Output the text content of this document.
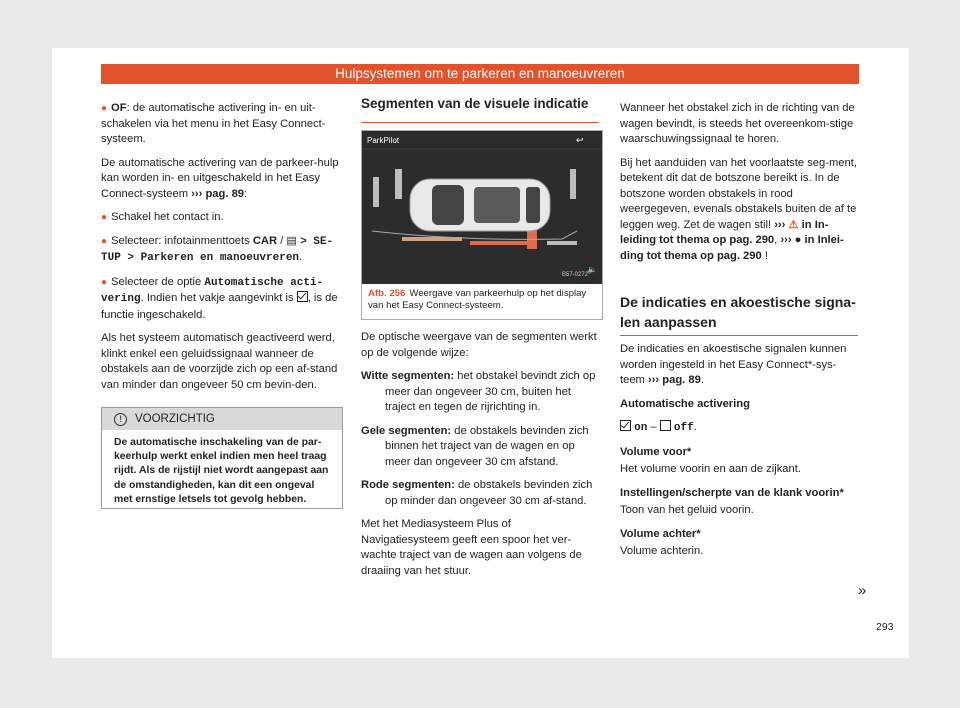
Hulpsystemen om te parkeren en manoeuvreren

● OF: de automatische activering in- en uit-schakelen via het menu in het Easy Connect-systeem.

De automatische activering van de parkeer-hulp kan worden in- en uitgeschakeld in het Easy Connect-systeem ››› pag. 89:

● Schakel het contact in.

● Selecteer: infotainmenttoets CAR / ▤ > SE-TUP > Parkeren en manoeuvreren.

● Selecteer de optie Automatische acti-vering. Indien het vakje aangevinkt is , is de functie ingeschakeld.

Als het systeem automatisch geactiveerd werd, klinkt enkel een geluidssignaal wanneer de obstakels aan de voorzijde zich op een af-stand van minder dan ongeveer 50 cm bevin-den.

! VOORZICHTIG
De automatische inschakeling van de par-keerhulp werkt enkel indien men heel traag rijdt. Als de rijstijl niet wordt aangepast aan de omstandigheden, kan dit een ongeval met ernstige letsels tot gevolg hebben.
Segmenten van de visuele indicatie
ParkPilot	↩
B57-0272
🔈
Afb. 256 Weergave van parkeerhulp op het display van het Easy Connect-systeem.

De optische weergave van de segmenten werkt op de volgende wijze:

Witte segmenten: het obstakel bevindt zich op meer dan ongeveer 30 cm, buiten het traject en tegen de rijrichting in.

Gele segmenten: de obstakels bevinden zich binnen het traject van de wagen en op meer dan ongeveer 30 cm afstand.

Rode segmenten: de obstakels bevinden zich op minder dan ongeveer 30 cm af-stand.

Met het Mediasysteem Plus of Navigatiesysteem geeft een spoor het ver-wachte traject van de wagen aan volgens de draaiing van het stuur.

Wanneer het obstakel zich in de richting van de wagen bevindt, is steeds het overeenkom-stige waarschuwingssignaal te horen.

Bij het aanduiden van het voorlaatste seg-ment, betekent dit dat de botszone bereikt is. In de botszone worden obstakels in rood weergegeven, evenals obstakels buiten de af te leggen weg. Zet de wagen stil! ››› ⚠ in In-leiding tot thema op pag. 290, ››› ● in Inlei-ding tot thema op pag. 290 !

De indicaties en akoestische signa-len aanpassen

De indicaties en akoestische signalen kunnen worden ingesteld in het Easy Connect*-sys-teem ››› pag. 89.

Automatische activering

on –  off.

Volume voor*

Het volume voorin en aan de zijkant.

Instellingen/scherpte van de klank voorin*

Toon van het geluid voorin.

Volume achter*

Volume achterin.

»
293
